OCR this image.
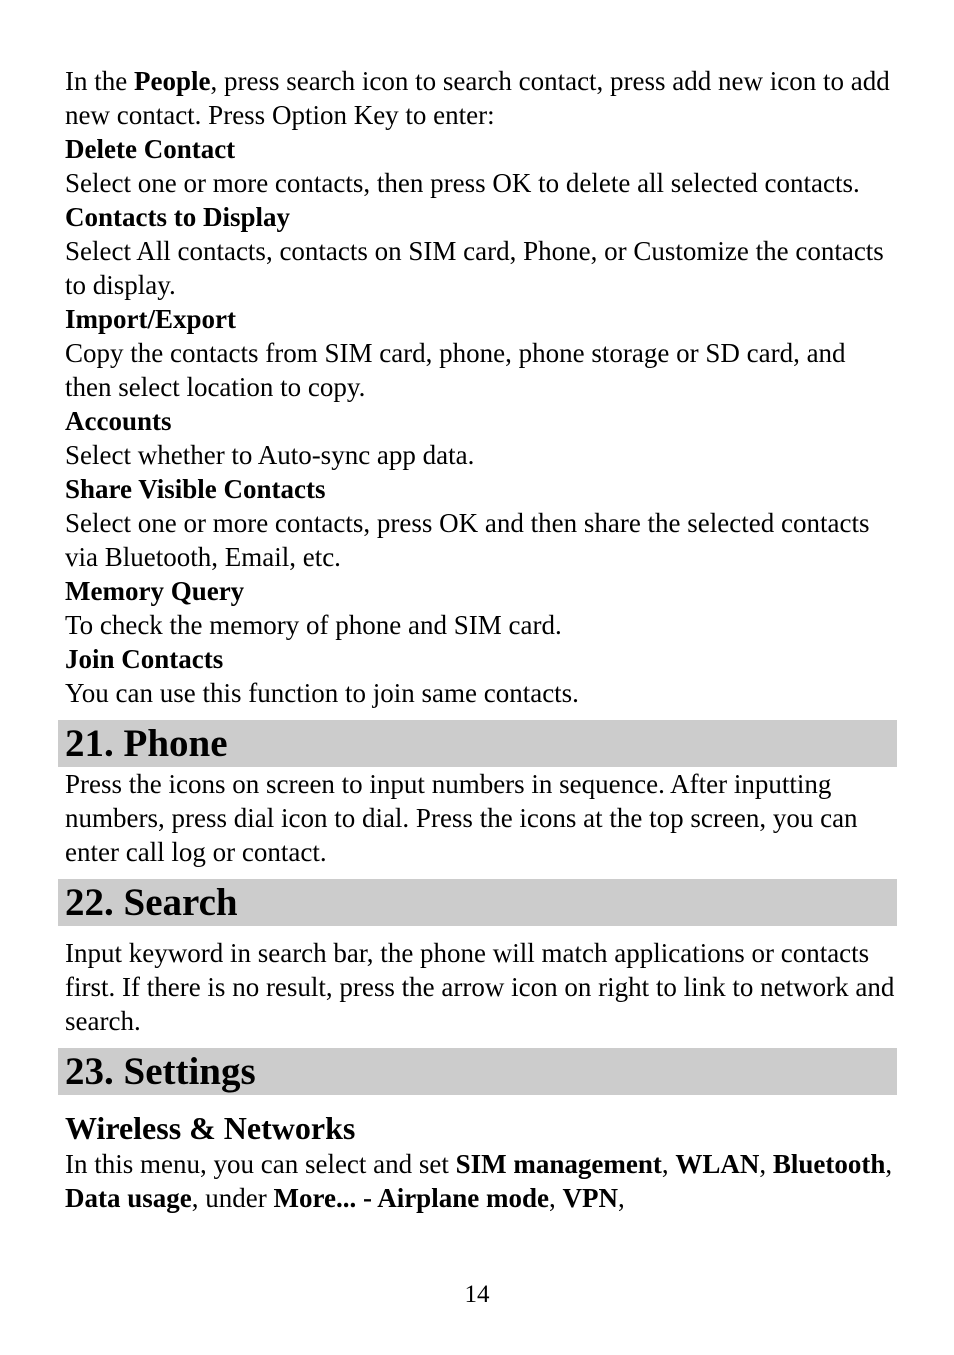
In the People, press search icon to search contact, press add new icon to add new contact. Press Option Key to enter:

Delete Contact

Select one or more contacts, then press OK to delete all selected contacts.

Contacts to Display

Select All contacts, contacts on SIM card, Phone, or Customize the contacts to display.

Import/Export

Copy the contacts from SIM card, phone, phone storage or SD card, and then select location to copy.

Accounts

Select whether to Auto-sync app data.

Share Visible Contacts

Select one or more contacts, press OK and then share the selected contacts via Bluetooth, Email, etc.

Memory Query

To check the memory of phone and SIM card.

Join Contacts

You can use this function to join same contacts.

21. Phone

Press the icons on screen to input numbers in sequence. After inputting numbers, press dial icon to dial. Press the icons at the top screen, you can enter call log or contact.

22. Search

Input keyword in search bar, the phone will match applications or contacts first. If there is no result, press the arrow icon on right to link to network and search.

23. Settings

Wireless & Networks

In this menu, you can select and set SIM management, WLAN, Bluetooth, Data usage, under More... - Airplane mode, VPN,

14
